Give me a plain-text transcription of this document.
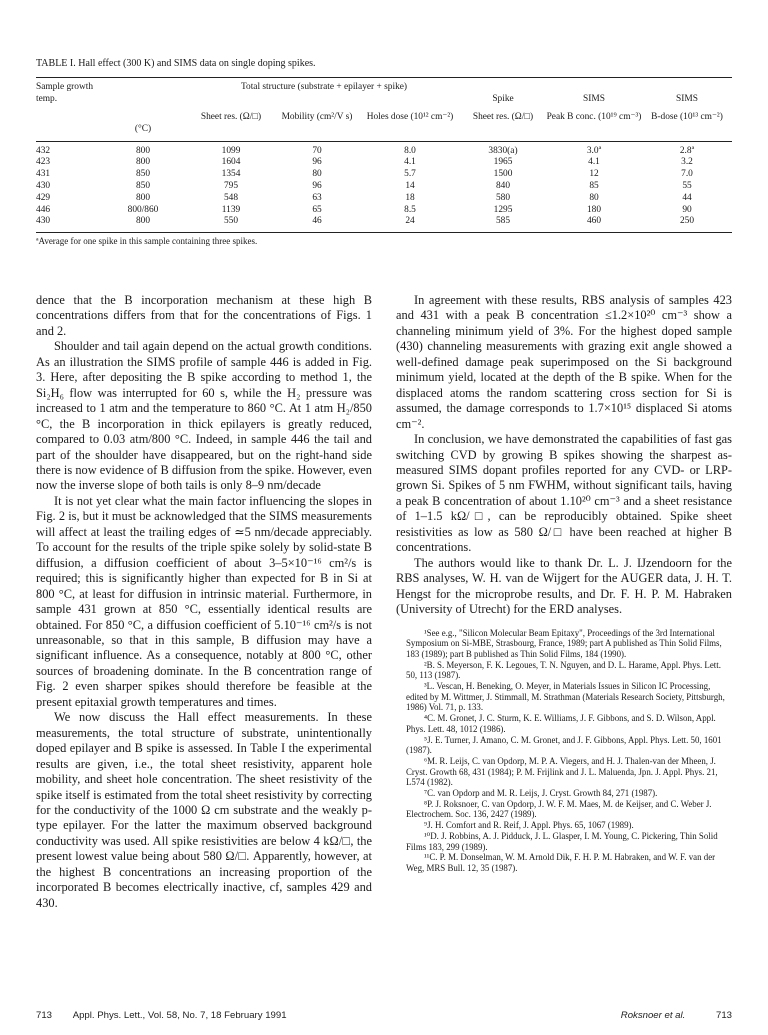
TABLE I. Hall effect (300 K) and SIMS data on single doping spikes.
Sample growth temp.		Total structure (substrate + epilayer + spike)			Spike	SIMS	SIMS
	(°C)	Sheet res. (Ω/□)	Mobility (cm²/V s)	Holes dose (10¹² cm⁻²)	Sheet res. (Ω/□)	Peak B conc. (10¹⁹ cm⁻³)	B-dose (10¹³ cm⁻²)
432	800	1099	70	8.0	3830(a)	3.0ª	2.8ª
423	800	1604	96	4.1	1965	4.1	3.2
431	850	1354	80	5.7	1500	12	7.0
430	850	795	96	14	840	85	55
429	800	548	63	18	580	80	44
446	800/860	1139	65	8.5	1295	180	90
430	800	550	46	24	585	460	250
ªAverage for one spike in this sample containing three spikes.

dence that the B incorporation mechanism at these high B concentrations differs from that for the concentrations of Figs. 1 and 2.

Shoulder and tail again depend on the actual growth conditions. As an illustration the SIMS profile of sample 446 is added in Fig. 3. Here, after depositing the B spike according to method 1, the Si₂H₆ flow was interrupted for 60 s, while the H₂ pressure was increased to 1 atm and the temperature to 860 °C. At 1 atm H₂/850 °C, the B incorporation in thick epilayers is greatly reduced, compared to 0.03 atm/800 °C. Indeed, in sample 446 the tail and part of the shoulder have disappeared, but on the right-hand side there is now evidence of B diffusion from the spike. However, even now the inverse slope of both tails is only 8–9 nm/decade

It is not yet clear what the main factor influencing the slopes in Fig. 2 is, but it must be acknowledged that the SIMS measurements will affect at least the trailing edges of ≃5 nm/decade appreciably. To account for the results of the triple spike solely by solid-state B diffusion, a diffusion coefficient of about 3–5×10⁻¹⁶ cm²/s is required; this is significantly higher than expected for B in Si at 800 °C, at least for diffusion in intrinsic material. Furthermore, in sample 431 grown at 850 °C, essentially identical results are obtained. For 850 °C, a diffusion coefficient of 5.10⁻¹⁶ cm²/s is not unreasonable, so that in this sample, B diffusion may have a significant influence. As a consequence, notably at 800 °C, other sources of broadening dominate. In the B concentration range of Fig. 2 even sharper spikes should therefore be feasible at the present epitaxial growth temperatures and times.

We now discuss the Hall effect measurements. In these measurements, the total structure of substrate, unintentionally doped epilayer and B spike is assessed. In Table I the experimental results are given, i.e., the total sheet resistivity, apparent hole mobility, and sheet hole concentration. The sheet resistivity of the spike itself is estimated from the total sheet resistivity by correcting for the conductivity of the 1000 Ω cm substrate and the weakly p-type epilayer. For the latter the maximum observed background conductivity was used. All spike resistivities are below 4 kΩ/□, the present lowest value being about 580 Ω/□. Apparently, however, at the highest B concentrations an increasing proportion of the incorporated B becomes electrically inactive, cf, samples 429 and 430.

In agreement with these results, RBS analysis of samples 423 and 431 with a peak B concentration ≤1.2×10²⁰ cm⁻³ show a channeling minimum yield of 3%. For the highest doped sample (430) channeling measurements with grazing exit angle showed a well-defined damage peak superimposed on the Si background minimum yield, located at the depth of the B spike. When for the displaced atoms the random scattering cross section for Si is assumed, the damage corresponds to 1.7×10¹⁵ displaced Si atoms cm⁻².

In conclusion, we have demonstrated the capabilities of fast gas switching CVD by growing B spikes showing the sharpest as-measured SIMS dopant profiles reported for any CVD- or LRP-grown Si. Spikes of 5 nm FWHM, without significant tails, having a peak B concentration of about 1.10²⁰ cm⁻³ and a sheet resistance of 1–1.5 kΩ/□, can be reproducibly obtained. Spike sheet resistivities as low as 580 Ω/□ have been reached at higher B concentrations.

The authors would like to thank Dr. L. J. IJzendoorn for the RBS analyses, W. H. van de Wijgert for the AUGER data, J. H. T. Hengst for the microprobe results, and Dr. F. H. P. M. Habraken (University of Utrecht) for the ERD analyses.

¹See e.g., "Silicon Molecular Beam Epitaxy", Proceedings of the 3rd International Symposium on Si-MBE, Strasbourg, France, 1989; part A published as Thin Solid Films, 183 (1989); part B published as Thin Solid Films, 184 (1990).

²B. S. Meyerson, F. K. Legoues, T. N. Nguyen, and D. L. Harame, Appl. Phys. Lett. 50, 113 (1987).

³L. Vescan, H. Beneking, O. Meyer, in Materials Issues in Silicon IC Processing, edited by M. Wittmer, J. Stimmall, M. Strathman (Materials Research Society, Pittsburgh, 1986) Vol. 71, p. 133.

⁴C. M. Gronet, J. C. Sturm, K. E. Williams, J. F. Gibbons, and S. D. Wilson, Appl. Phys. Lett. 48, 1012 (1986).

⁵J. E. Turner, J. Amano, C. M. Gronet, and J. F. Gibbons, Appl. Phys. Lett. 50, 1601 (1987).

⁶M. R. Leijs, C. van Opdorp, M. P. A. Viegers, and H. J. Thalen-van der Mheen, J. Cryst. Growth 68, 431 (1984); P. M. Frijlink and J. L. Maluenda, Jpn. J. Appl. Phys. 21, L574 (1982).

⁷C. van Opdorp and M. R. Leijs, J. Cryst. Growth 84, 271 (1987).

⁸P. J. Roksnoer, C. van Opdorp, J. W. F. M. Maes, M. de Keijser, and C. Weber J. Electrochem. Soc. 136, 2427 (1989).

⁹J. H. Comfort and R. Reif, J. Appl. Phys. 65, 1067 (1989).

¹⁰D. J. Robbins, A. J. Pidduck, J. L. Glasper, I. M. Young, C. Pickering, Thin Solid Films 183, 299 (1989).

¹¹C. P. M. Donselman, W. M. Arnold Dik, F. H. P. M. Habraken, and W. F. van der Weg, MRS Bull. 12, 35 (1987).

713 Appl. Phys. Lett., Vol. 58, No. 7, 18 February 1991	Roksnoer et al.	713
